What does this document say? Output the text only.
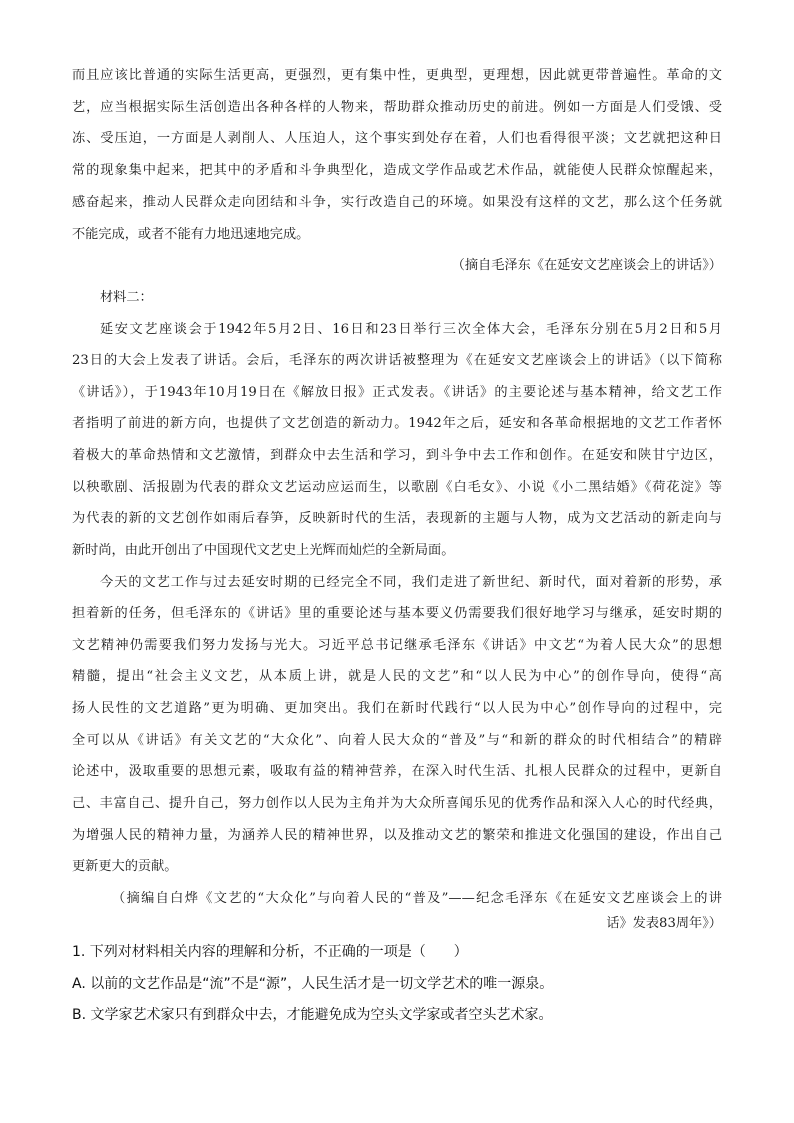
而且应该比普通的实际生活更高，更强烈，更有集中性，更典型，更理想，因此就更带普遍性。革命的文
艺，应当根据实际生活创造出各种各样的人物来，帮助群众推动历史的前进。例如一方面是人们受饿、受
冻、受压迫，一方面是人剥削人、人压迫人，这个事实到处存在着，人们也看得很平淡；文艺就把这种日
常的现象集中起来，把其中的矛盾和斗争典型化，造成文学作品或艺术作品，就能使人民群众惊醒起来，
感奋起来，推动人民群众走向团结和斗争，实行改造自己的环境。如果没有这样的文艺，那么这个任务就
不能完成，或者不能有力地迅速地完成。
（摘自毛泽东《在延安文艺座谈会上的讲话》）
材料二：
延安文艺座谈会于1942年5月2日、16日和23日举行三次全体大会，毛泽东分别在5月2日和5月
23日的大会上发表了讲话。会后，毛泽东的两次讲话被整理为《在延安文艺座谈会上的讲话》（以下简称
《讲话》），于1943年10月19日在《解放日报》正式发表。《讲话》的主要论述与基本精神，给文艺工作
者指明了前进的新方向，也提供了文艺创造的新动力。1942年之后，延安和各革命根据地的文艺工作者怀
着极大的革命热情和文艺激情，到群众中去生活和学习，到斗争中去工作和创作。在延安和陕甘宁边区，
以秧歌剧、活报剧为代表的群众文艺运动应运而生，以歌剧《白毛女》、小说《小二黑结婚》《荷花淀》等
为代表的新的文艺创作如雨后春笋，反映新时代的生活，表现新的主题与人物，成为文艺活动的新走向与
新时尚，由此开创出了中国现代文艺史上光辉而灿烂的全新局面。
今天的文艺工作与过去延安时期的已经完全不同，我们走进了新世纪、新时代，面对着新的形势，承
担着新的任务，但毛泽东的《讲话》里的重要论述与基本要义仍需要我们很好地学习与继承，延安时期的
文艺精神仍需要我们努力发扬与光大。习近平总书记继承毛泽东《讲话》中文艺“为着人民大众”的思想
精髓，提出“社会主义文艺，从本质上讲，就是人民的文艺”和“以人民为中心”的创作导向，使得“高
扬人民性的文艺道路”更为明确、更加突出。我们在新时代践行“以人民为中心”创作导向的过程中，完
全可以从《讲话》有关文艺的“大众化”、向着人民大众的“普及”与“和新的群众的时代相结合”的精辟
论述中，汲取重要的思想元素，吸取有益的精神营养，在深入时代生活、扎根人民群众的过程中，更新自
己、丰富自己、提升自己，努力创作以人民为主角并为大众所喜闻乐见的优秀作品和深入人心的时代经典，
为增强人民的精神力量，为涵养人民的精神世界，以及推动文艺的繁荣和推进文化强国的建设，作出自己
更新更大的贡献。
（摘编自白烨《文艺的“大众化”与向着人民的“普及”——纪念毛泽东《在延安文艺座谈会上的讲
话》发表83周年》）
1. 下列对材料相关内容的理解和分析，不正确的一项是（　　）
A. 以前的文艺作品是“流”不是“源”，人民生活才是一切文学艺术的唯一源泉。
B. 文学家艺术家只有到群众中去，才能避免成为空头文学家或者空头艺术家。
